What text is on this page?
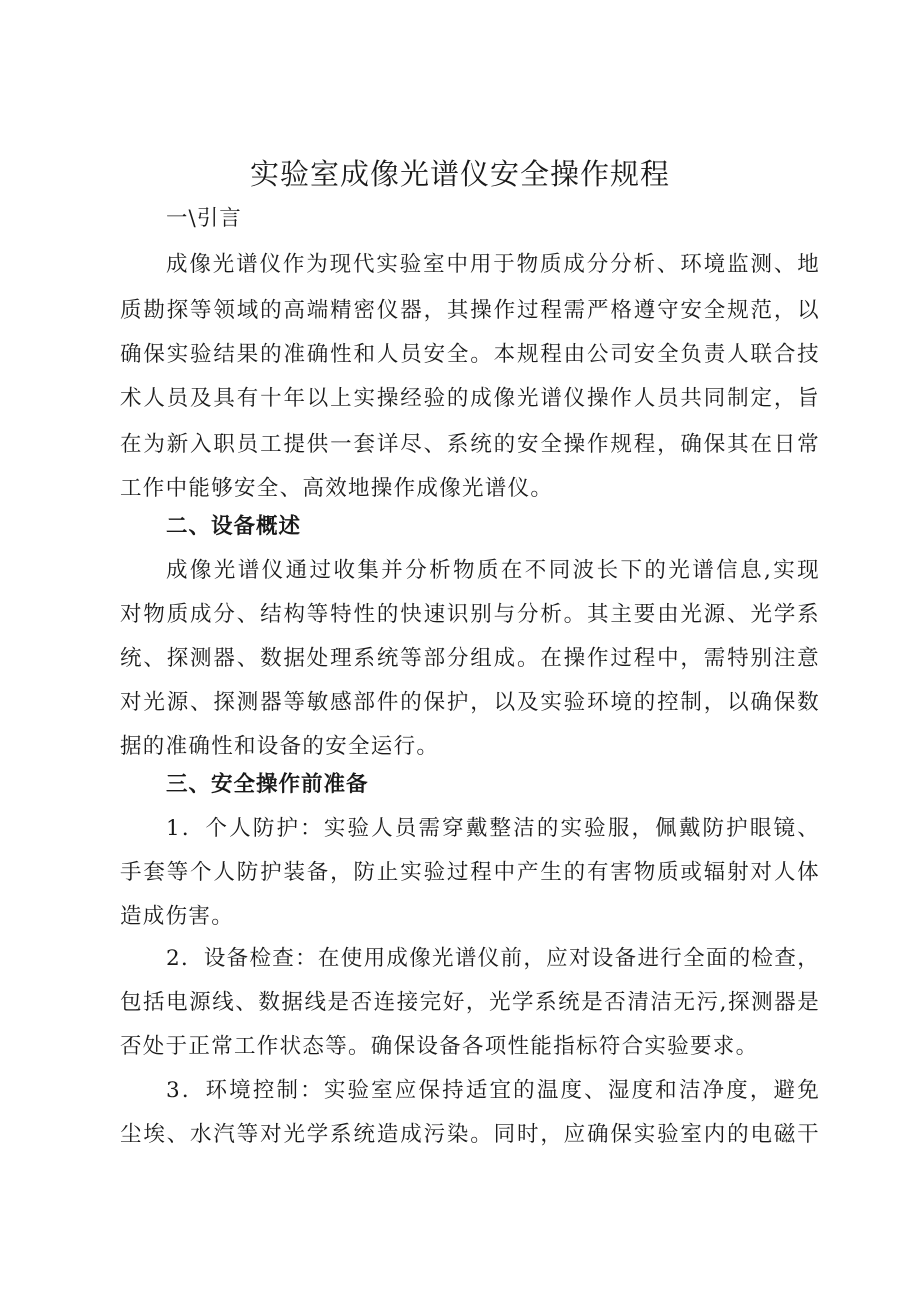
实验室成像光谱仪安全操作规程
一\引言
成像光谱仪作为现代实验室中用于物质成分分析、环境监测、地
质勘探等领域的高端精密仪器，其操作过程需严格遵守安全规范，以
确保实验结果的准确性和人员安全。本规程由公司安全负责人联合技
术人员及具有十年以上实操经验的成像光谱仪操作人员共同制定，旨
在为新入职员工提供一套详尽、系统的安全操作规程，确保其在日常
工作中能够安全、高效地操作成像光谱仪。
二、设备概述
成像光谱仪通过收集并分析物质在不同波长下的光谱信息,实现
对物质成分、结构等特性的快速识别与分析。其主要由光源、光学系
统、探测器、数据处理系统等部分组成。在操作过程中，需特别注意
对光源、探测器等敏感部件的保护，以及实验环境的控制，以确保数
据的准确性和设备的安全运行。
三、安全操作前准备
1．个人防护：实验人员需穿戴整洁的实验服，佩戴防护眼镜、
手套等个人防护装备，防止实验过程中产生的有害物质或辐射对人体
造成伤害。
2．设备检查：在使用成像光谱仪前，应对设备进行全面的检查，
包括电源线、数据线是否连接完好，光学系统是否清洁无污,探测器是
否处于正常工作状态等。确保设备各项性能指标符合实验要求。
3．环境控制：实验室应保持适宜的温度、湿度和洁净度，避免
尘埃、水汽等对光学系统造成污染。同时，应确保实验室内的电磁干
